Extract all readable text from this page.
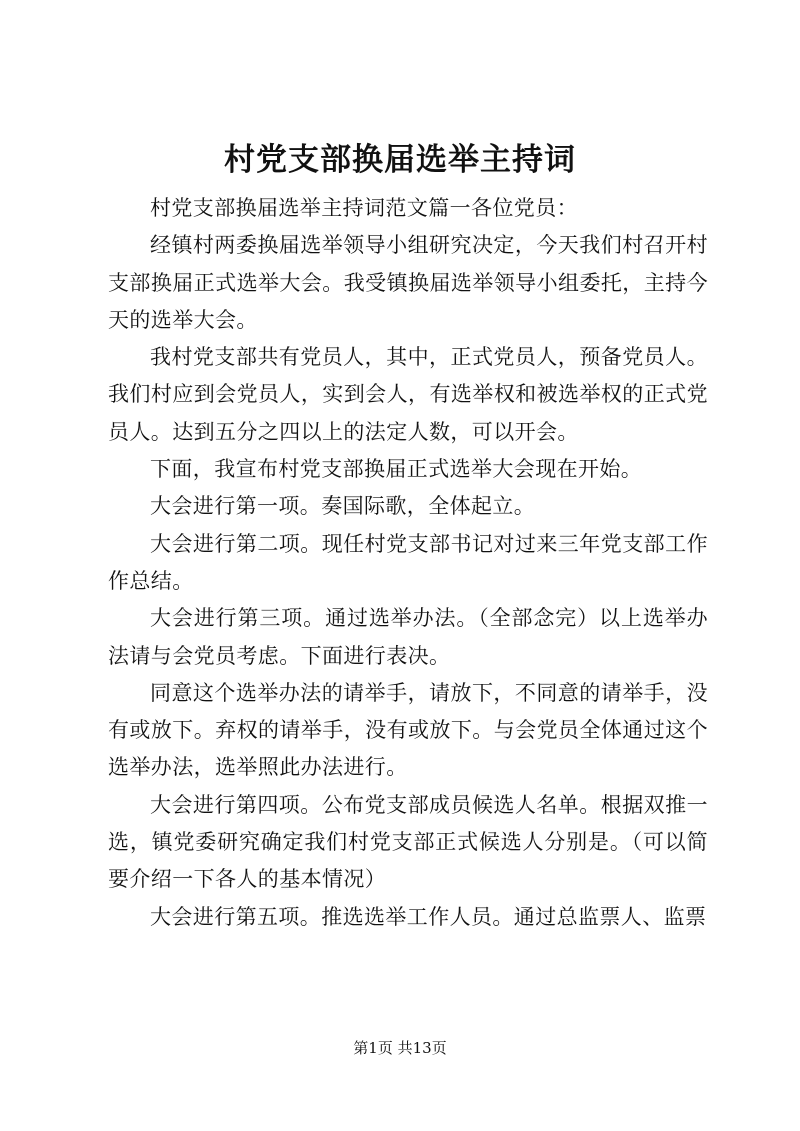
村党支部换届选举主持词

村党支部换届选举主持词范文篇一各位党员：

经镇村两委换届选举领导小组研究决定，今天我们村召开村支部换届正式选举大会。我受镇换届选举领导小组委托，主持今天的选举大会。

我村党支部共有党员人，其中，正式党员人，预备党员人。我们村应到会党员人，实到会人，有选举权和被选举权的正式党员人。达到五分之四以上的法定人数，可以开会。

下面，我宣布村党支部换届正式选举大会现在开始。

大会进行第一项。奏国际歌，全体起立。

大会进行第二项。现任村党支部书记对过来三年党支部工作作总结。

大会进行第三项。通过选举办法。（全部念完）以上选举办法请与会党员考虑。下面进行表决。

同意这个选举办法的请举手，请放下，不同意的请举手，没有或放下。弃权的请举手，没有或放下。与会党员全体通过这个选举办法，选举照此办法进行。

大会进行第四项。公布党支部成员候选人名单。根据双推一选，镇党委研究确定我们村党支部正式候选人分别是。（可以简要介绍一下各人的基本情况）

大会进行第五项。推选选举工作人员。通过总监票人、监票

第1页 共13页
